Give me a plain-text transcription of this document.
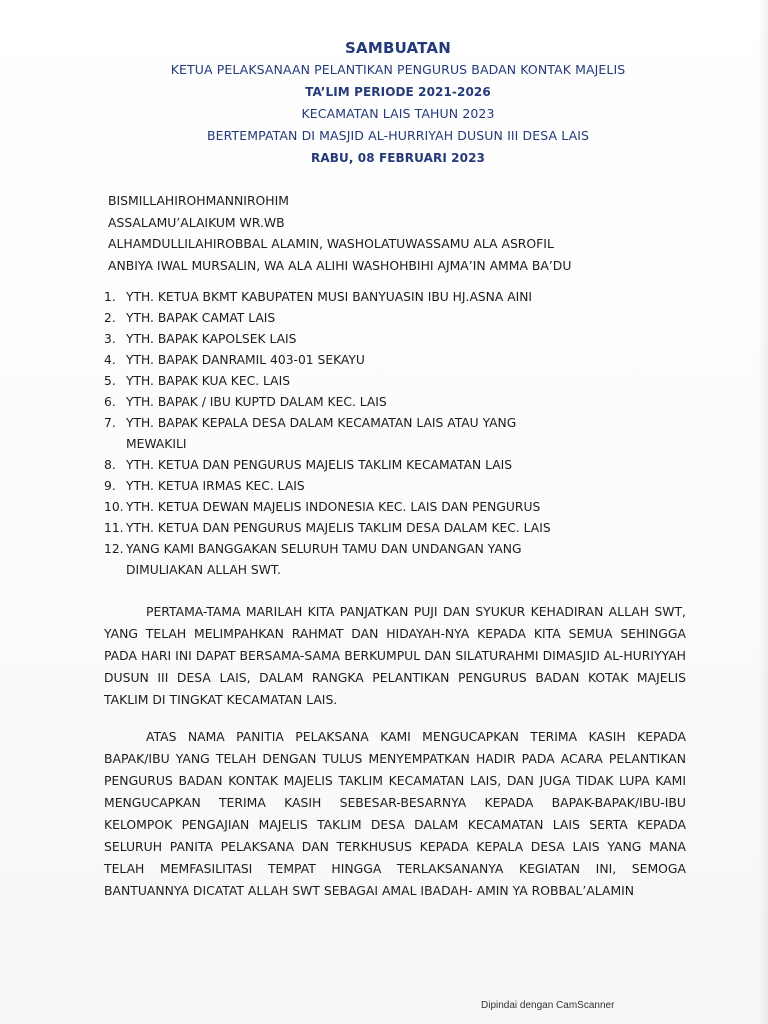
SAMBUATAN
KETUA PELAKSANAAN PELANTIKAN PENGURUS BADAN KONTAK MAJELIS
TA’LIM PERIODE 2021-2026
KECAMATAN LAIS TAHUN 2023
BERTEMPATAN DI MASJID AL-HURRIYAH DUSUN III DESA LAIS
RABU, 08 FEBRUARI 2023
BISMILLAHIROHMANNIROHIM
ASSALAMU’ALAIKUM WR.WB
ALHAMDULLILAHIROBBAL ALAMIN, WASHOLATUWASSAMU ALA ASROFIL
ANBIYA IWAL MURSALIN, WA ALA ALIHI WASHOHBIHI AJMA’IN AMMA BA’DU
1. YTH. KETUA BKMT KABUPATEN MUSI BANYUASIN IBU HJ.ASNA AINI
2. YTH. BAPAK CAMAT LAIS
3. YTH. BAPAK KAPOLSEK LAIS
4. YTH. BAPAK DANRAMIL 403-01 SEKAYU
5. YTH. BAPAK KUA KEC. LAIS
6. YTH. BAPAK / IBU KUPTD DALAM KEC. LAIS
7. YTH. BAPAK KEPALA DESA DALAM KECAMATAN LAIS ATAU YANG
MEWAKILI
8. YTH. KETUA DAN PENGURUS MAJELIS TAKLIM KECAMATAN LAIS
9. YTH. KETUA IRMAS KEC. LAIS
10. YTH. KETUA DEWAN MAJELIS INDONESIA KEC. LAIS DAN PENGURUS
11. YTH. KETUA DAN PENGURUS MAJELIS TAKLIM DESA DALAM KEC. LAIS
12. YANG KAMI BANGGAKAN SELURUH TAMU DAN UNDANGAN YANG
DIMULIAKAN ALLAH SWT.

PERTAMA-TAMA MARILAH KITA PANJATKAN PUJI DAN SYUKUR KEHADIRAN ALLAH SWT, YANG TELAH MELIMPAHKAN RAHMAT DAN HIDAYAH-NYA KEPADA KITA SEMUA SEHINGGA PADA HARI INI DAPAT BERSAMA-SAMA BERKUMPUL DAN SILATURAHMI DIMASJID AL-HURIYYAH DUSUN III DESA LAIS, DALAM RANGKA PELANTIKAN PENGURUS BADAN KOTAK MAJELIS TAKLIM DI TINGKAT KECAMATAN LAIS.

ATAS NAMA PANITIA PELAKSANA KAMI MENGUCAPKAN TERIMA KASIH KEPADA BAPAK/IBU YANG TELAH DENGAN TULUS MENYEMPATKAN HADIR PADA ACARA PELANTIKAN PENGURUS BADAN KONTAK MAJELIS TAKLIM KECAMATAN LAIS, DAN JUGA TIDAK LUPA KAMI MENGUCAPKAN TERIMA KASIH SEBESAR-BESARNYA KEPADA BAPAK-BAPAK/IBU-IBU KELOMPOK PENGAJIAN MAJELIS TAKLIM DESA DALAM KECAMATAN LAIS SERTA KEPADA SELURUH PANITA PELAKSANA DAN TERKHUSUS KEPADA KEPALA DESA LAIS YANG MANA TELAH MEMFASILITASI TEMPAT HINGGA TERLAKSANANYA KEGIATAN INI, SEMOGA BANTUANNYA DICATAT ALLAH SWT SEBAGAI AMAL IBADAH- AMIN YA ROBBAL’ALAMIN

Dipindai dengan CamScanner
